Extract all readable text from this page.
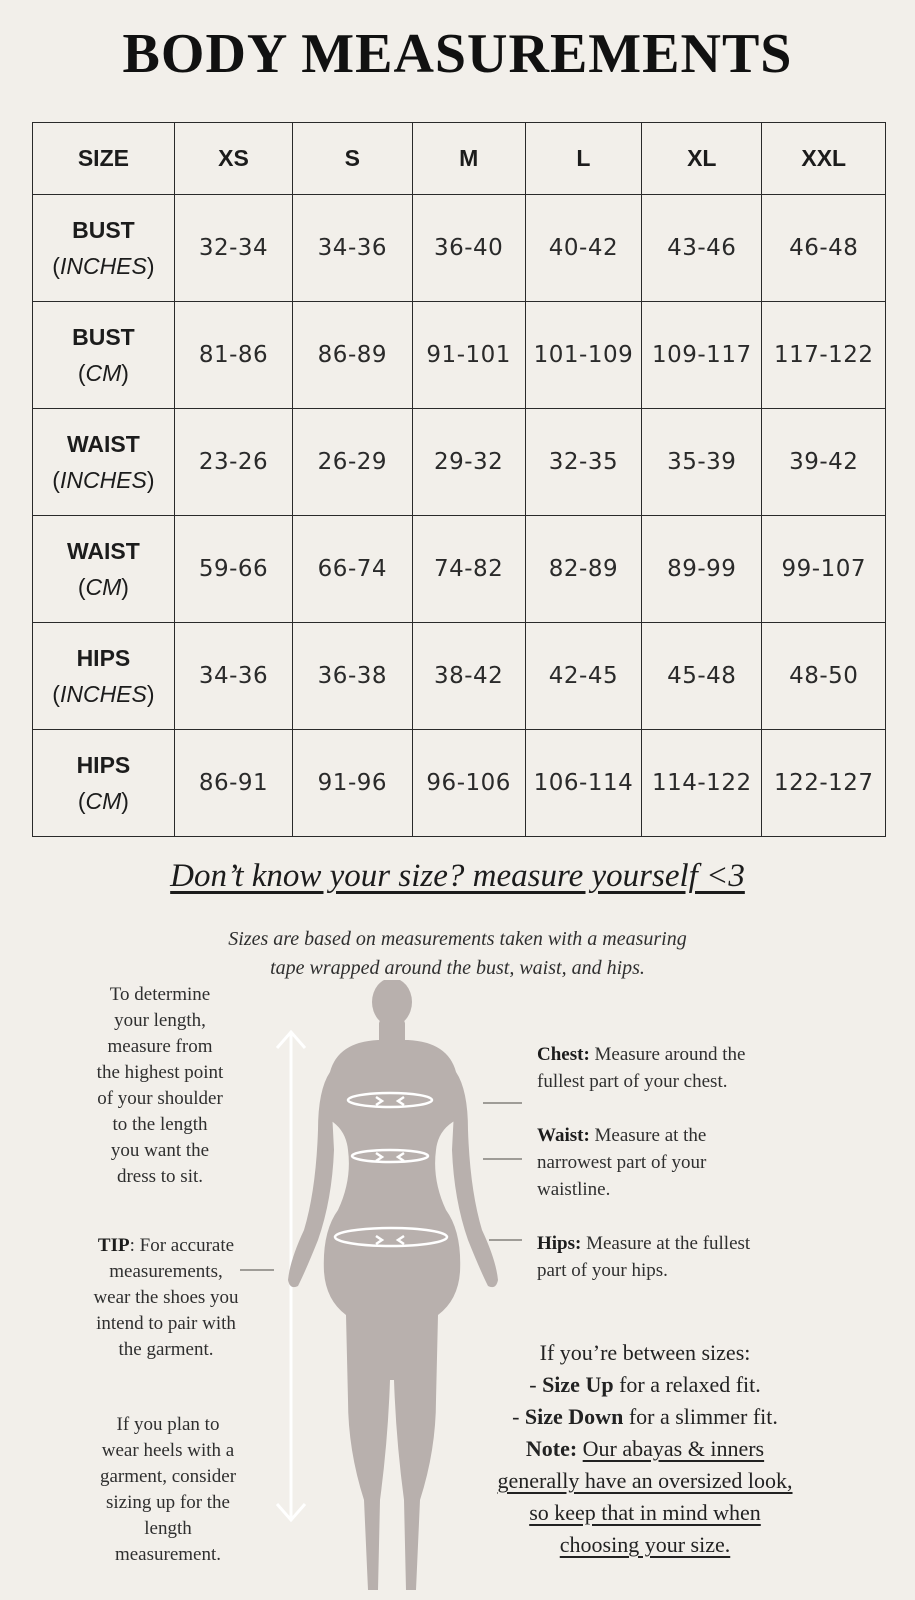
BODY MEASUREMENTS
SIZE	XS	S	M	L	XL	XXL

BUST
(INCHES)	32-34	34-36	36-40	40-42	43-46	46-48

BUST
(CM)	81-86	86-89	91-101	101-109	109-117	117-122

WAIST
(INCHES)	23-26	26-29	29-32	32-35	35-39	39-42

WAIST
(CM)	59-66	66-74	74-82	82-89	89-99	99-107

HIPS
(INCHES)	34-36	36-38	38-42	42-45	45-48	48-50

HIPS
(CM)	86-91	91-96	96-106	106-114	114-122	122-127
Don’t know your size? measure yourself <3
Sizes are based on measurements taken with a measuring
tape wrapped around the bust, waist, and hips.
To determine
your length,
measure from
the highest point
of your shoulder
to the length
you want the
dress to sit.
TIP: For accurate
measurements,
wear the shoes you
intend to pair with
the garment.
If you plan to
wear heels with a
garment, consider
sizing up for the
length
measurement.
Chest: Measure around the
fullest part of your chest.
Waist: Measure at the
narrowest part of your
waistline.
Hips: Measure at the fullest
part of your hips.
If you’re between sizes:
- Size Up for a relaxed fit.
- Size Down for a slimmer fit.
Note: Our abayas & inners
generally have an oversized look,
so keep that in mind when
choosing your size.
